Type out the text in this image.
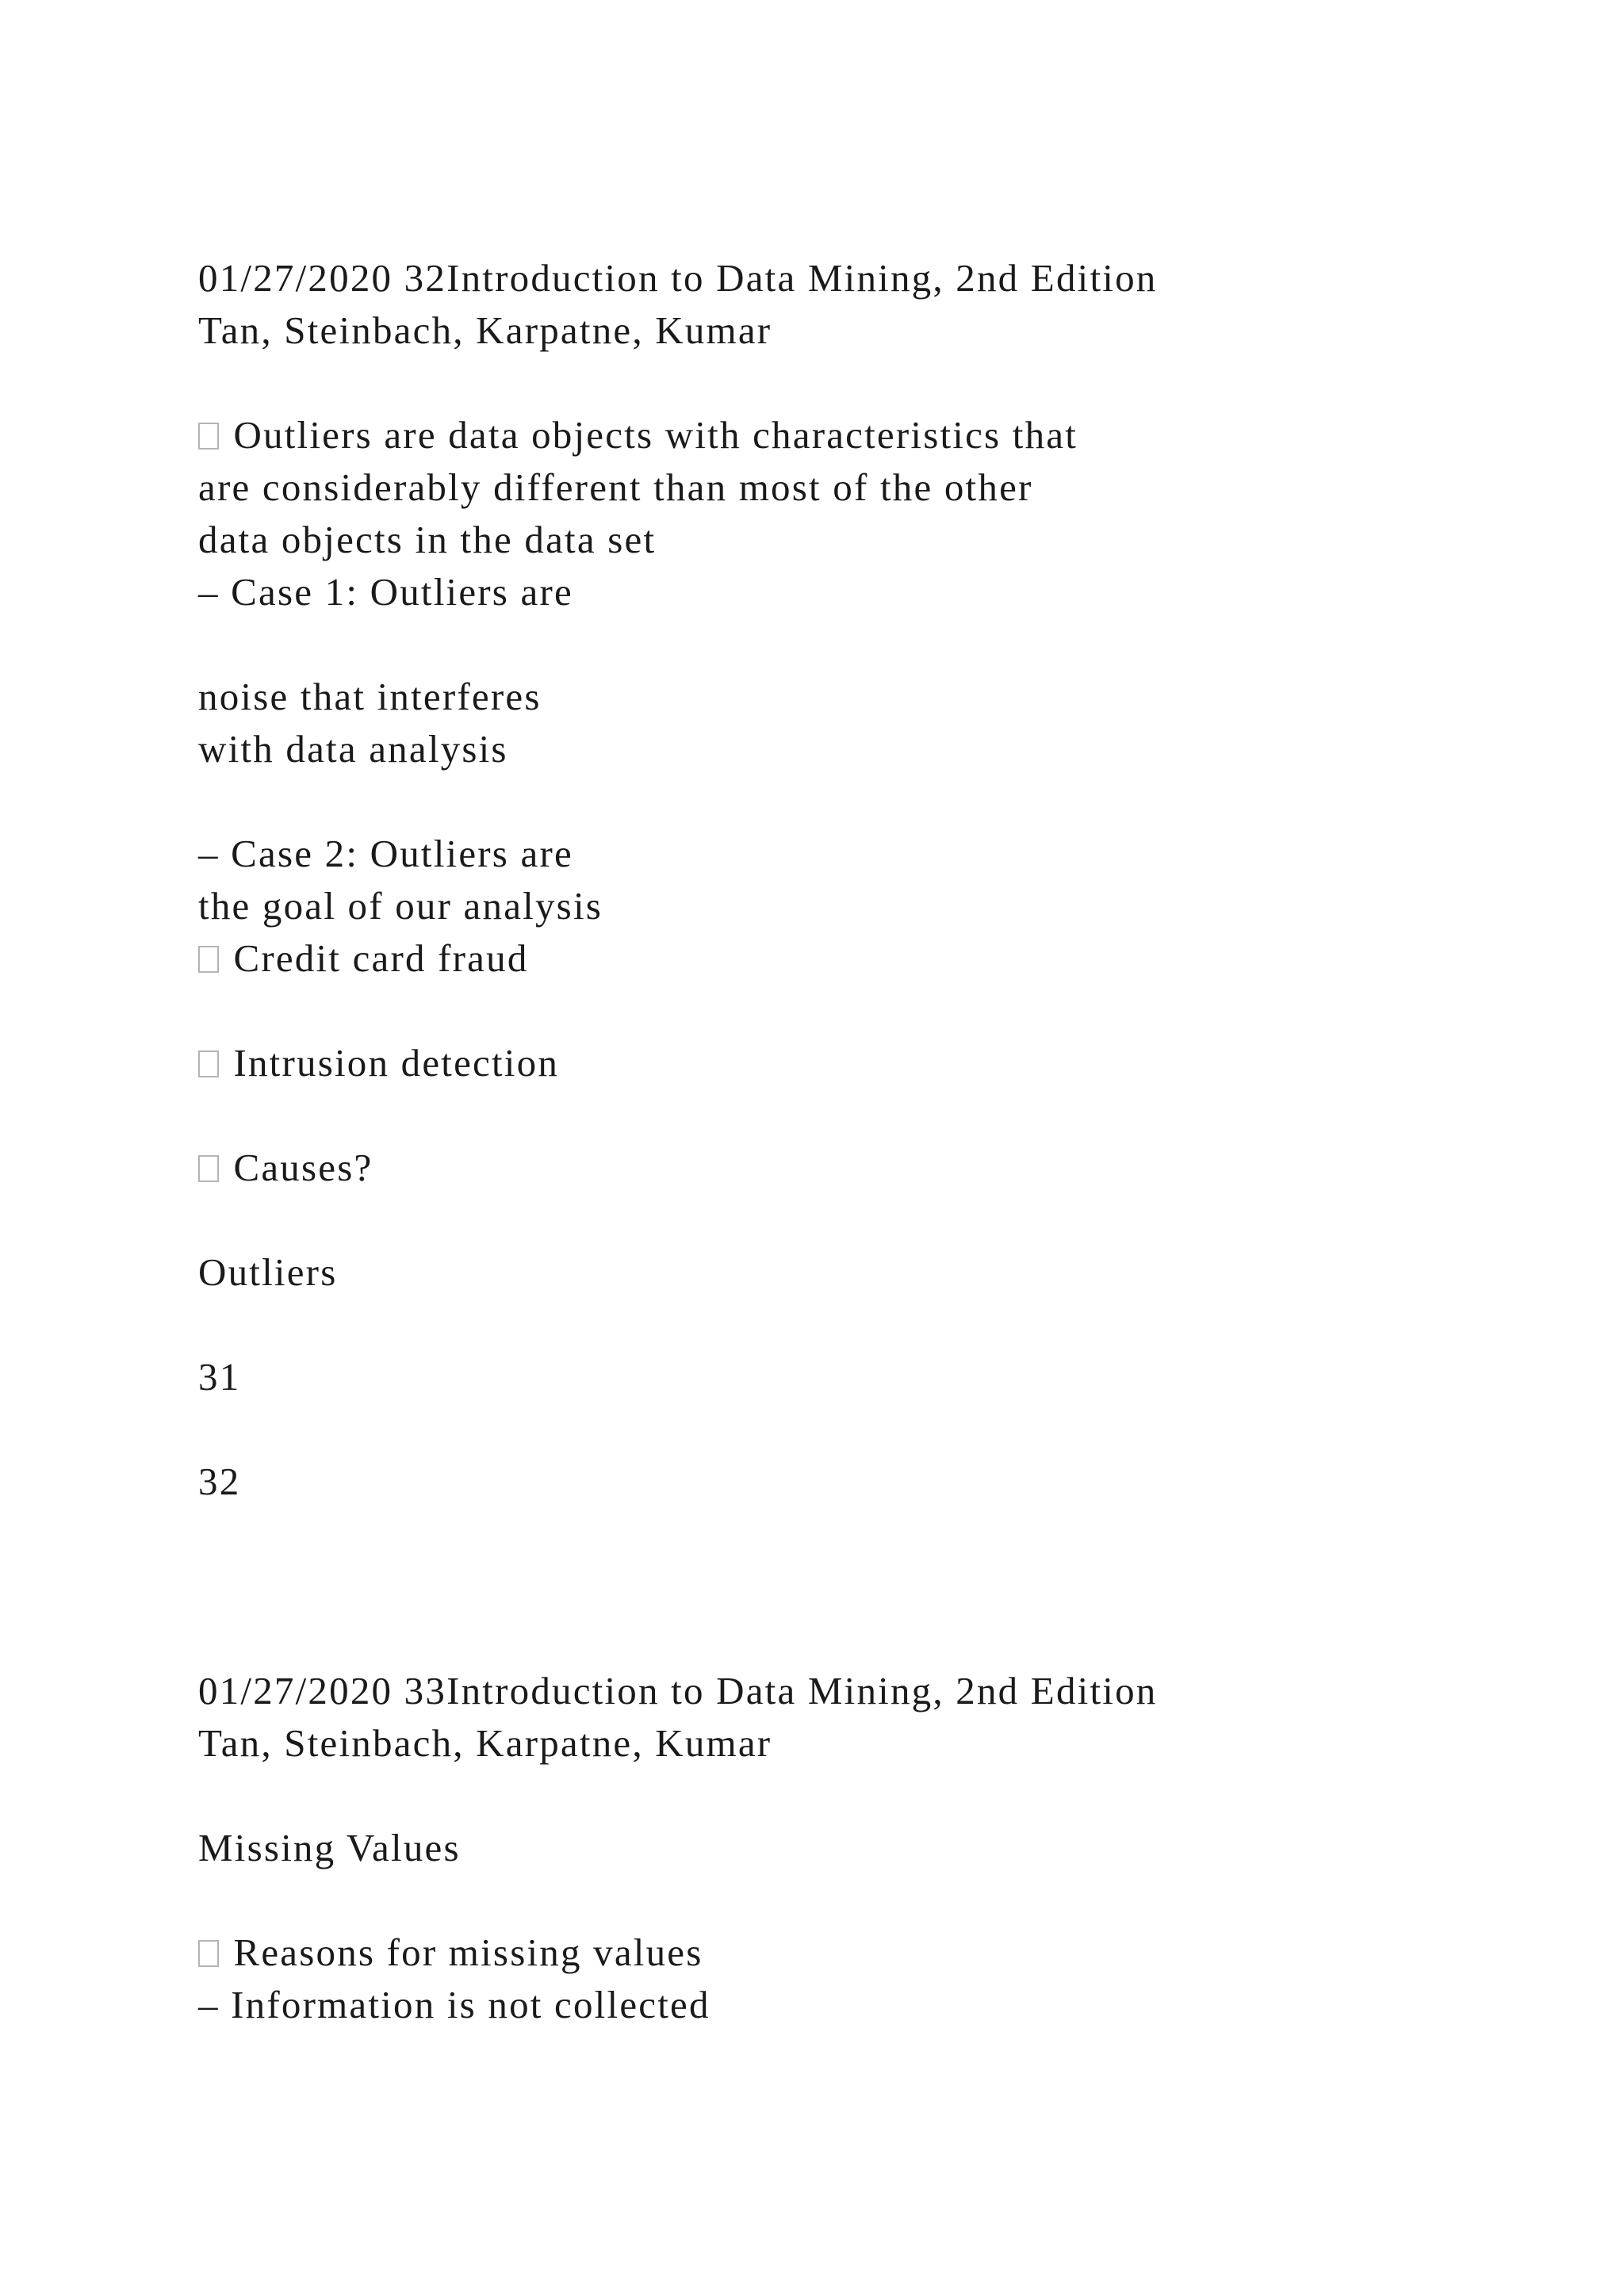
01/27/2020 32Introduction to Data Mining, 2nd Edition
Tan, Steinbach, Karpatne, Kumar
Outliers are data objects with characteristics that
are considerably different than most of the other
data objects in the data set
– Case 1: Outliers are
noise that interferes
with data analysis
– Case 2: Outliers are
the goal of our analysis
Credit card fraud
Intrusion detection
Causes?
Outliers
31
32
01/27/2020 33Introduction to Data Mining, 2nd Edition
Tan, Steinbach, Karpatne, Kumar
Missing Values
Reasons for missing values
– Information is not collected
